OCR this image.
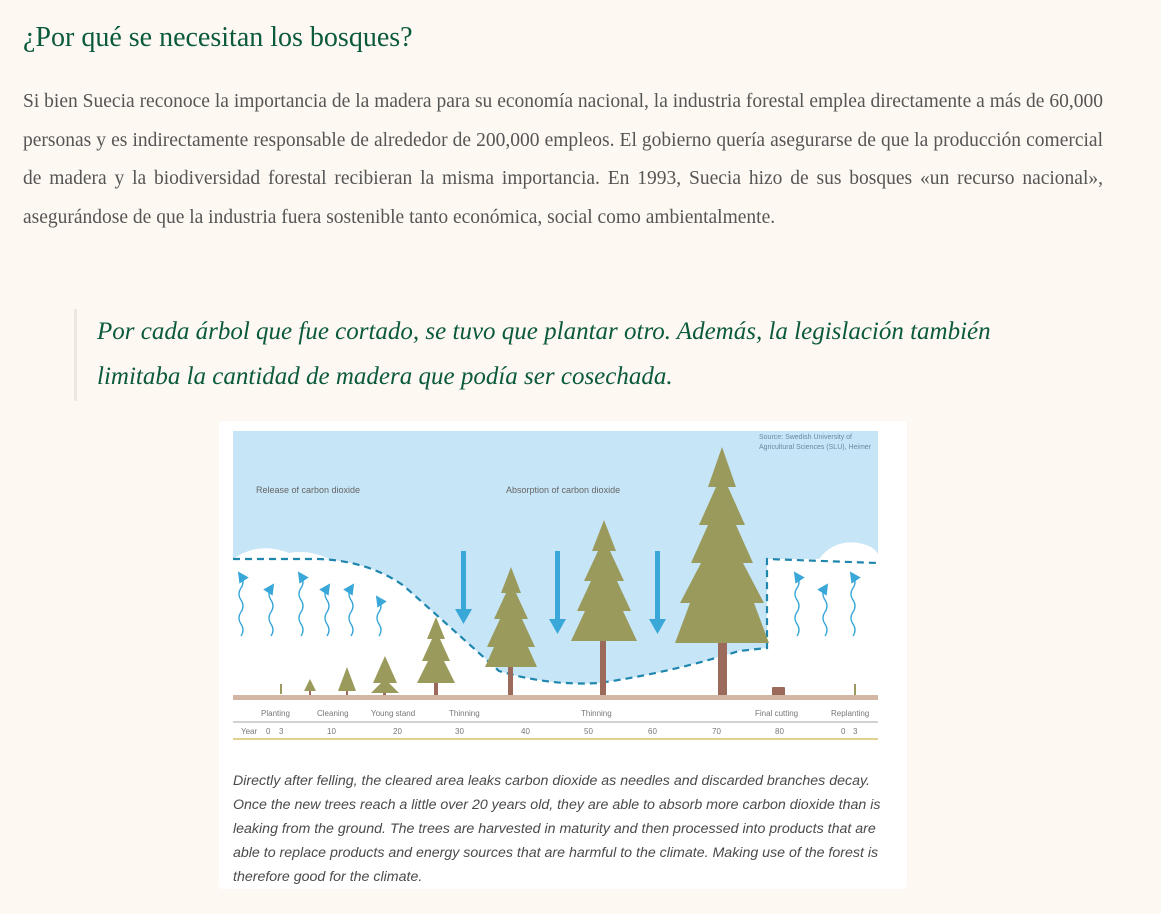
¿Por qué se necesitan los bosques?

Si bien Suecia reconoce la importancia de la madera para su economía nacional, la industria forestal emplea directamente a más de 60,000 personas y es indirectamente responsable de alrededor de 200,000 empleos. El gobierno quería asegurarse de que la producción comercial de madera y la biodiversidad forestal recibieran la misma importancia. En 1993, Suecia hizo de sus bosques «un recurso nacional», asegurándose de que la industria fuera sostenible tanto económica, social como ambientalmente.

Por cada árbol que fue cortado, se tuvo que plantar otro. Además, la legislación también limitaba la cantidad de madera que podía ser cosechada.
Source: Swedish University of
Agricultural Sciences (SLU), Heimer
Release of carbon dioxide	Absorption of carbon dioxide
Planting	Cleaning	Young stand	Thinning	Thinning	Final cutting	Replanting
Year 0 3	10	20	30	40	50	60	70	80	0 3
Directly after felling, the cleared area leaks carbon dioxide as needles and discarded branches decay. Once the new trees reach a little over 20 years old, they are able to absorb more carbon dioxide than is leaking from the ground. The trees are harvested in maturity and then processed into products that are able to replace products and energy sources that are harmful to the climate. Making use of the forest is therefore good for the climate.
